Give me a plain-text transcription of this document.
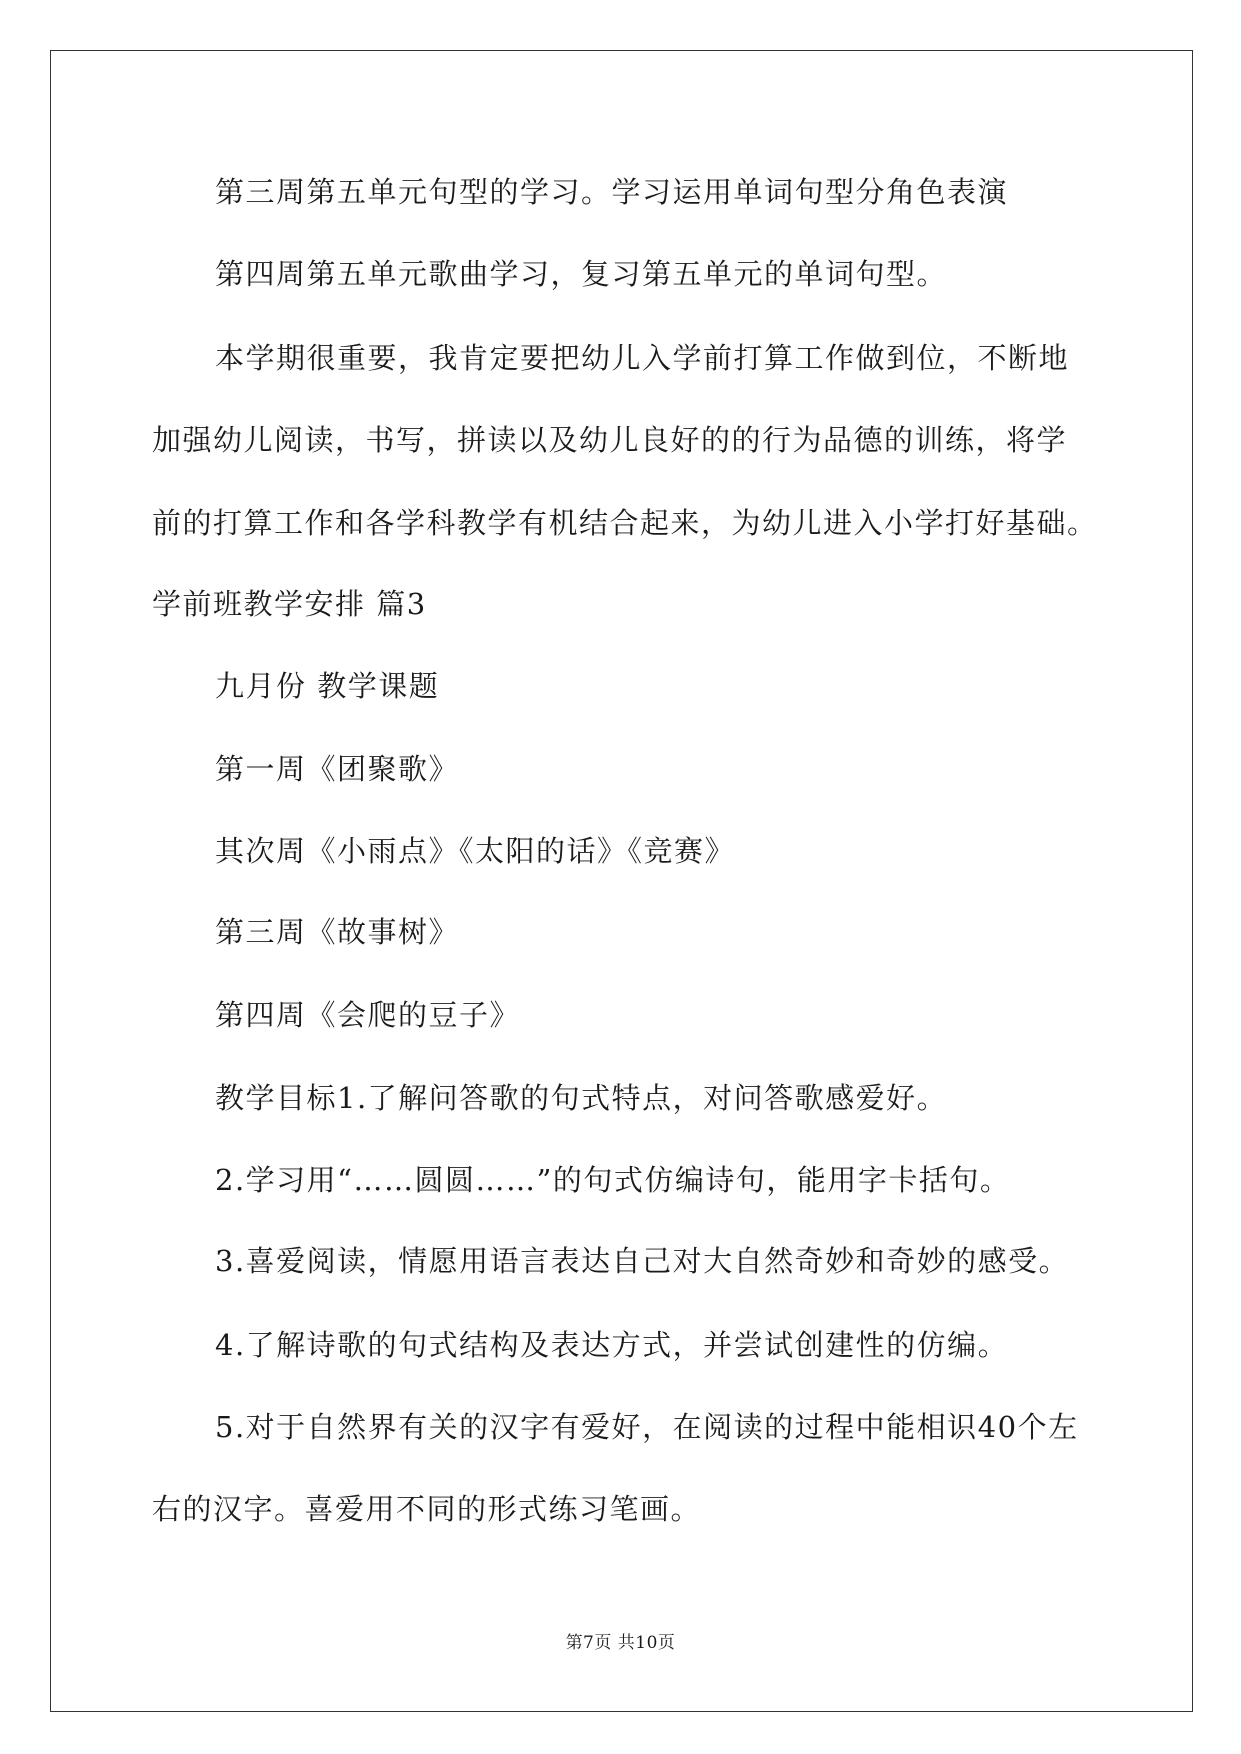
第三周第五单元句型的学习。学习运用单词句型分角色表演
第四周第五单元歌曲学习，复习第五单元的单词句型。
本学期很重要，我肯定要把幼儿入学前打算工作做到位，不断地
加强幼儿阅读，书写，拼读以及幼儿良好的的行为品德的训练，将学
前的打算工作和各学科教学有机结合起来，为幼儿进入小学打好基础。
学前班教学安排 篇3
九月份 教学课题
第一周《团聚歌》
其次周《小雨点》《太阳的话》《竞赛》
第三周《故事树》
第四周《会爬的豆子》
教学目标1.了解问答歌的句式特点，对问答歌感爱好。
2.学习用“……圆圆……”的句式仿编诗句，能用字卡括句。
3.喜爱阅读，情愿用语言表达自己对大自然奇妙和奇妙的感受。
4.了解诗歌的句式结构及表达方式，并尝试创建性的仿编。
5.对于自然界有关的汉字有爱好，在阅读的过程中能相识40个左
右的汉字。喜爱用不同的形式练习笔画。
第7页 共10页
